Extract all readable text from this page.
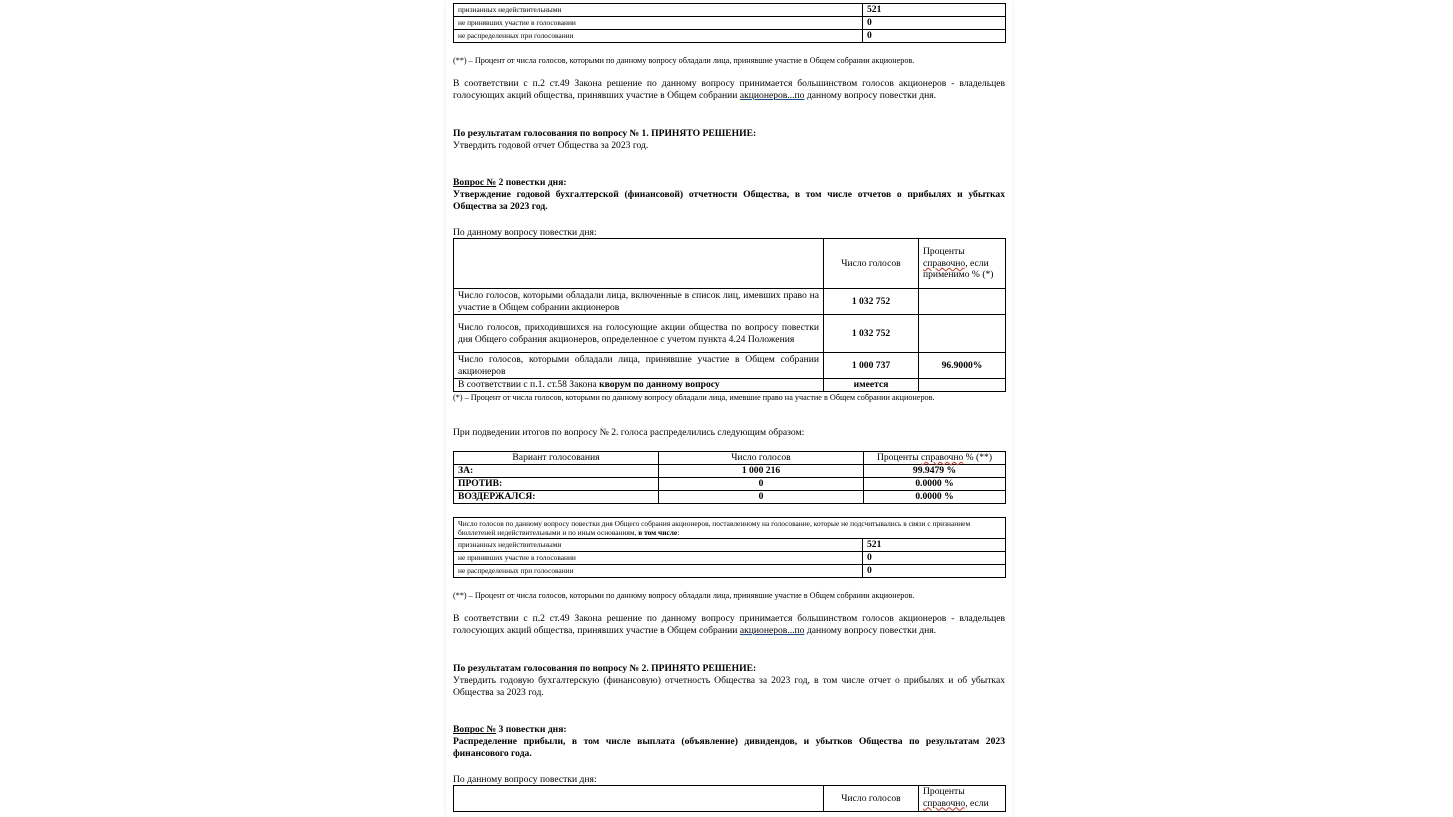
признанных недействительными	521
не принявших участие в голосовании	0
не распределенных при голосовании	0

(**) – Процент от числа голосов, которыми по данному вопросу обладали лица, принявшие участие в Общем собрании акционеров.

В соответствии с п.2 ст.49 Закона решение по данному вопросу принимается большинством голосов акционеров - владельцев голосующих акций общества, принявших участие в Общем собрании акционеров...по данному вопросу повестки дня.

По результатам голосования по вопросу № 1. ПРИНЯТО РЕШЕНИЕ:

Утвердить годовой отчет Общества за 2023 год.

Вопрос № 2 повестки дня:

Утверждение годовой бухгалтерской (финансовой) отчетности Общества, в том числе отчетов о прибылях и убытках Общества за 2023 год.

По данному вопросу повестки дня:

	Число голосов	Проценты справочно, если применимо % (*)
Число голосов, которыми обладали лица, включенные в список лиц, имевших право на участие в Общем собрании акционеров	1 032 752	
Число голосов, приходившихся на голосующие акции общества по вопросу повестки дня Общего собрания акционеров, определенное с учетом пункта 4.24 Положения	1 032 752	
Число голосов, которыми обладали лица, принявшие участие в Общем собрании акционеров	1 000 737	96.9000%
В соответствии с п.1. ст.58 Закона кворум по данному вопросу	имеется	

(*) – Процент от числа голосов, которыми по данному вопросу обладали лица, имевшие право на участие в Общем собрании акционеров.

При подведении итогов по вопросу № 2. голоса распределились следующим образом:

Вариант голосования	Число голосов	Проценты справочно % (**)
ЗА:	1 000 216	99.9479 %
ПРОТИВ:	0	0.0000 %
ВОЗДЕРЖАЛСЯ:	0	0.0000 %
Число голосов по данному вопросу повестки дня Общего собрания акционеров, поставленному на голосование, которые не подсчитывались в связи с признанием бюллетеней недействительными и по иным основаниям, в том числе:	
признанных недействительными	521
не принявших участие в голосовании	0
не распределенных при голосовании	0

(**) – Процент от числа голосов, которыми по данному вопросу обладали лица, принявшие участие в Общем собрании акционеров.

В соответствии с п.2 ст.49 Закона решение по данному вопросу принимается большинством голосов акционеров - владельцев голосующих акций общества, принявших участие в Общем собрании акционеров...по данному вопросу повестки дня.

По результатам голосования по вопросу № 2. ПРИНЯТО РЕШЕНИЕ:

Утвердить годовую бухгалтерскую (финансовую) отчетность Общества за 2023 год, в том числе отчет о прибылях и об убытках Общества за 2023 год.

Вопрос № 3 повестки дня:

Распределение прибыли, в том числе выплата (объявление) дивидендов, и убытков Общества по результатам 2023 финансового года.

По данному вопросу повестки дня:

	Число голосов	Проценты справочно, если
